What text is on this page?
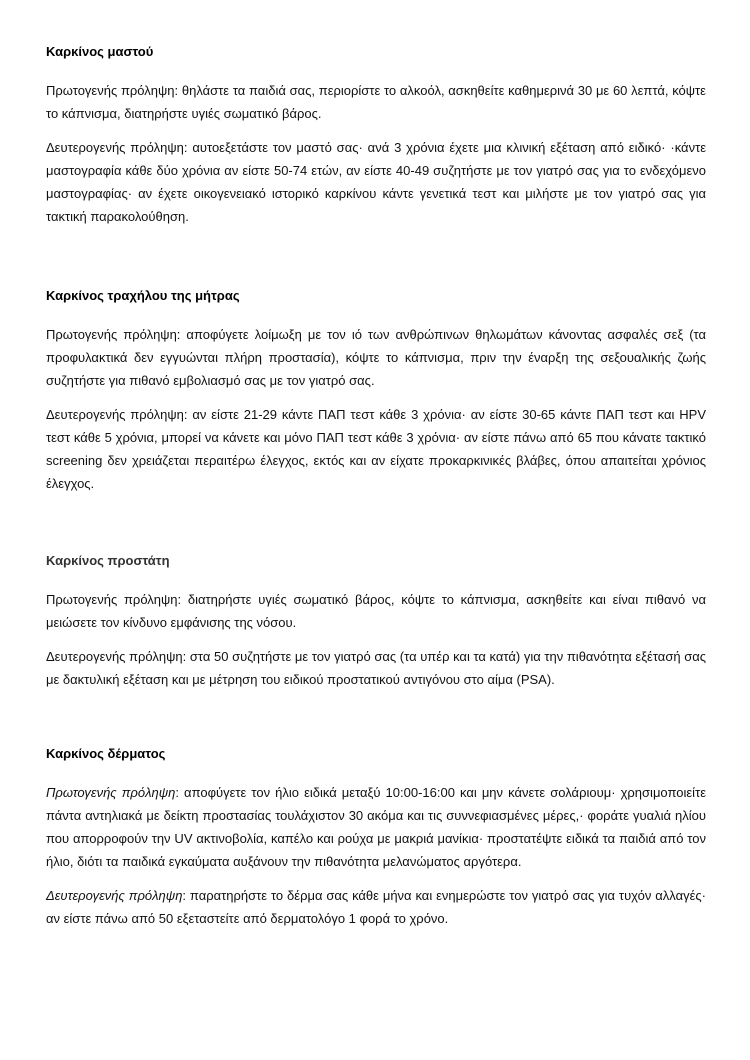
Καρκίνος μαστού

Πρωτογενής πρόληψη: θηλάστε τα παιδιά σας, περιορίστε το αλκοόλ, ασκηθείτε καθημερινά 30 με 60 λεπτά, κόψτε το κάπνισμα, διατηρήστε υγιές σωματικό βάρος.

Δευτερογενής πρόληψη: αυτοεξετάστε τον μαστό σας· ανά 3 χρόνια έχετε μια κλινική εξέταση από ειδικό· ·κάντε μαστογραφία κάθε δύο χρόνια αν είστε 50-74 ετών, αν είστε 40-49 συζητήστε με τον γιατρό σας για το ενδεχόμενο μαστογραφίας· αν έχετε οικογενειακό ιστορικό καρκίνου κάντε γενετικά τεστ και μιλήστε με τον γιατρό σας για τακτική παρακολούθηση.

Καρκίνος τραχήλου της μήτρας

Πρωτογενής πρόληψη: αποφύγετε λοίμωξη με τον ιό των ανθρώπινων θηλωμάτων κάνοντας ασφαλές σεξ (τα προφυλακτικά δεν εγγυώνται πλήρη προστασία), κόψτε το κάπνισμα, πριν την έναρξη της σεξουαλικής ζωής συζητήστε για πιθανό εμβολιασμό σας με τον γιατρό σας.

Δευτερογενής πρόληψη: αν είστε 21-29 κάντε ΠΑΠ τεστ κάθε 3 χρόνια· αν είστε 30-65 κάντε ΠΑΠ τεστ και HPV τεστ κάθε 5 χρόνια, μπορεί να κάνετε και μόνο ΠΑΠ τεστ κάθε 3 χρόνια· αν είστε πάνω από 65 που κάνατε τακτικό screening δεν χρειάζεται περαιτέρω έλεγχος, εκτός και αν είχατε προκαρκινικές βλάβες, όπου απαιτείται χρόνιος έλεγχος.

Καρκίνος προστάτη

Πρωτογενής πρόληψη: διατηρήστε υγιές σωματικό βάρος, κόψτε το κάπνισμα, ασκηθείτε και είναι πιθανό να μειώσετε τον κίνδυνο εμφάνισης της νόσου.

Δευτερογενής πρόληψη: στα 50 συζητήστε με τον γιατρό σας (τα υπέρ και τα κατά) για την πιθανότητα εξέτασή σας με δακτυλική εξέταση και με μέτρηση του ειδικού προστατικού αντιγόνου στο αίμα (PSA).

Καρκίνος δέρματος

Πρωτογενής πρόληψη: αποφύγετε τον ήλιο ειδικά μεταξύ 10:00-16:00 και μην κάνετε σολάριουμ· χρησιμοποιείτε πάντα αντηλιακά με δείκτη προστασίας τουλάχιστον 30 ακόμα και τις συννεφιασμένες μέρες,· φοράτε γυαλιά ηλίου που απορροφούν την UV ακτινοβολία, καπέλο και ρούχα με μακριά μανίκια· προστατέψτε ειδικά τα παιδιά από τον ήλιο, διότι τα παιδικά εγκαύματα αυξάνουν την πιθανότητα μελανώματος αργότερα.

Δευτερογενής πρόληψη: παρατηρήστε το δέρμα σας κάθε μήνα και ενημερώστε τον γιατρό σας για τυχόν αλλαγές· αν είστε πάνω από 50 εξεταστείτε από δερματολόγο 1 φορά το χρόνο.
